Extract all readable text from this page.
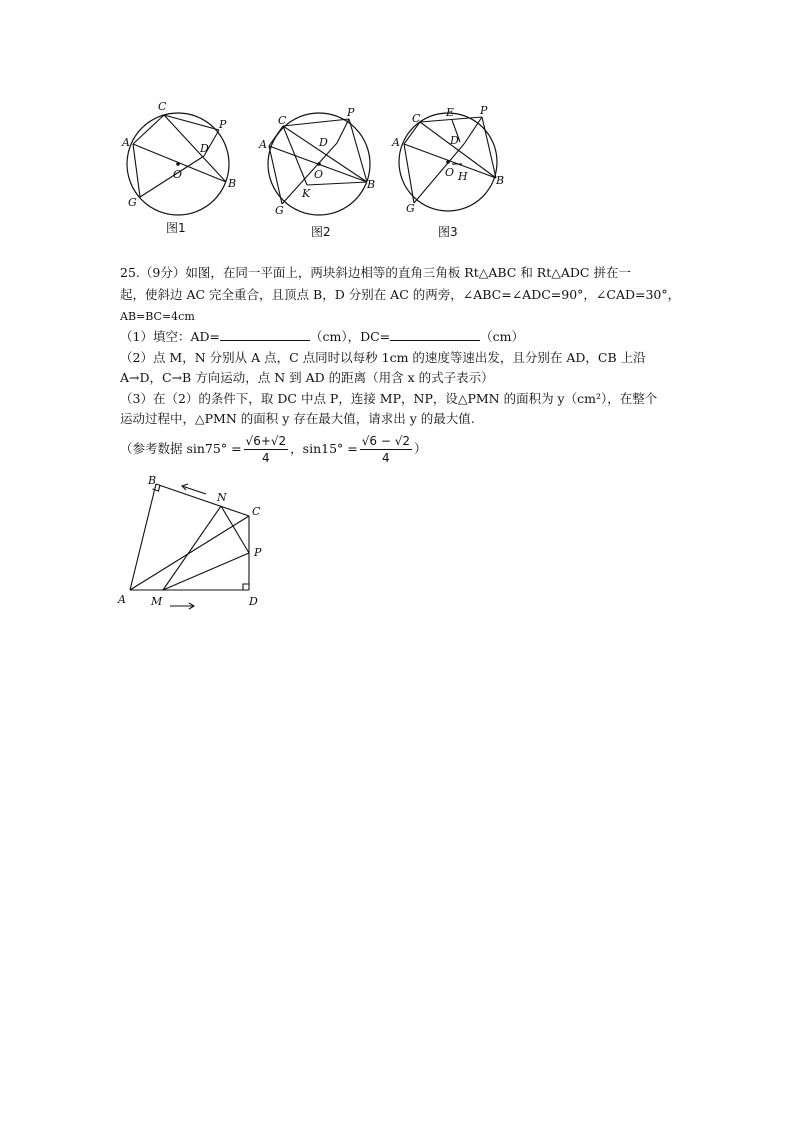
C
P
A	D
O
B
G
图1
C
P
A	D
O
B
K
G
图2
C E P
A	D
O H	B
G
图3
25.（9分）如图，在同一平面上，两块斜边相等的直角三角板 Rt△ABC 和 Rt△ADC 拼在一
起，使斜边 AC 完全重合，且顶点 B，D 分别在 AC 的两旁，∠ABC=∠ADC=90°，∠CAD=30°，
AB=BC=4cm
（1）填空：AD=	（cm），DC=	（cm）
（2）点 M，N 分别从 A 点，C 点同时以每秒 1cm 的速度等速出发，且分别在 AD，CB 上沿
A→D，C→B 方向运动，点 N 到 AD 的距离（用含 x 的式子表示）
（3）在（2）的条件下，取 DC 中点 P，连接 MP，NP，设△PMN 的面积为 y（cm²），在整个
运动过程中，△PMN 的面积 y 存在最大值，请求出 y 的最大值.
（参考数据 $\sin 75^\circ = \frac{√6+√2}{4}$ ，$\sin 15^\circ = \frac{√6 - √2}{4}$ ）
B
N
C
P
A M	D
